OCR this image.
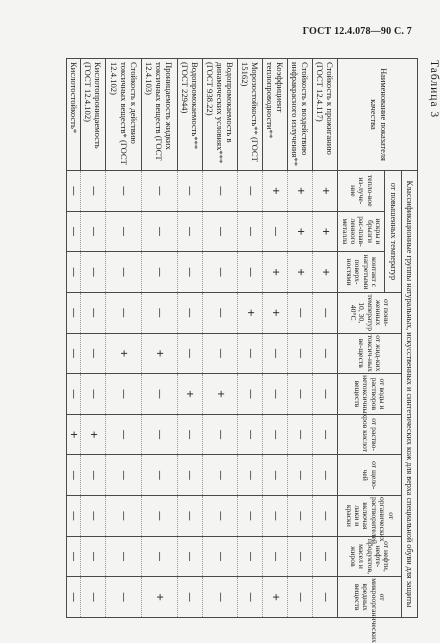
ГОСТ 12.4.078—90 С. 7
Таблица 3
Наименование показателя качества	Классификационные группы натуральных, искусственных и синтетических кож для верха специальной обуви для защиты										
	от повышенных температур			от пони-женных температур 10, 30, 40°С	от жид-ких токсич-ных ве-ществ	от воды и растворов нетоксичных веществ	от раство-ров кислот	от щело-чей	от органических растворителей, включая лаки и краски	от нефти, нефте-продуктов, масел и жиров	от микроорганических вредных веществ
	тепло-вое из-луче-ние	искры и брызги рас-плав-ленного металла	контакт с нагретыми поверх-ностями								
Стойкость к прожиганию (ГОСТ 12.4.117)	+	+	+	—	—	—	—	—	—	—	—
Стойкость к воздействию инфракрасного излучения**	+	+	+	—	—	—	—	—	—	—	—
Коэффициент теплопроводности**	+	—	+	+	—	—	—	—	—	—	+
Морозостойкость** (ГОСТ 15162)	—	—	—	+	—	—	—	—	—	—	—
Водопромокаемость в динамических условиях*** (ГОСТ 938.22)	—	—	—	—	—	+	—	—	—	—	—
Водопромокаемость*** (ГОСТ 22944)	—	—	—	—	—	+	—	—	—	—	—
Проницаемость жидких токсичных веществ (ГОСТ 12.4.103)	—	—	—	—	+	—	—	—	—	—	+
Стойкость к действию токсичных веществ* (ГОСТ 12.4.102)	—	—	—	—	+	—	—	—	—	—	—
Кислотопроницаемость (ГОСТ 12.4.102)	—	—	—	—	—	—	+	—	—	—	—
Кислотостойкость*	—	—	—	—	—	—	+	—	—	—	—
